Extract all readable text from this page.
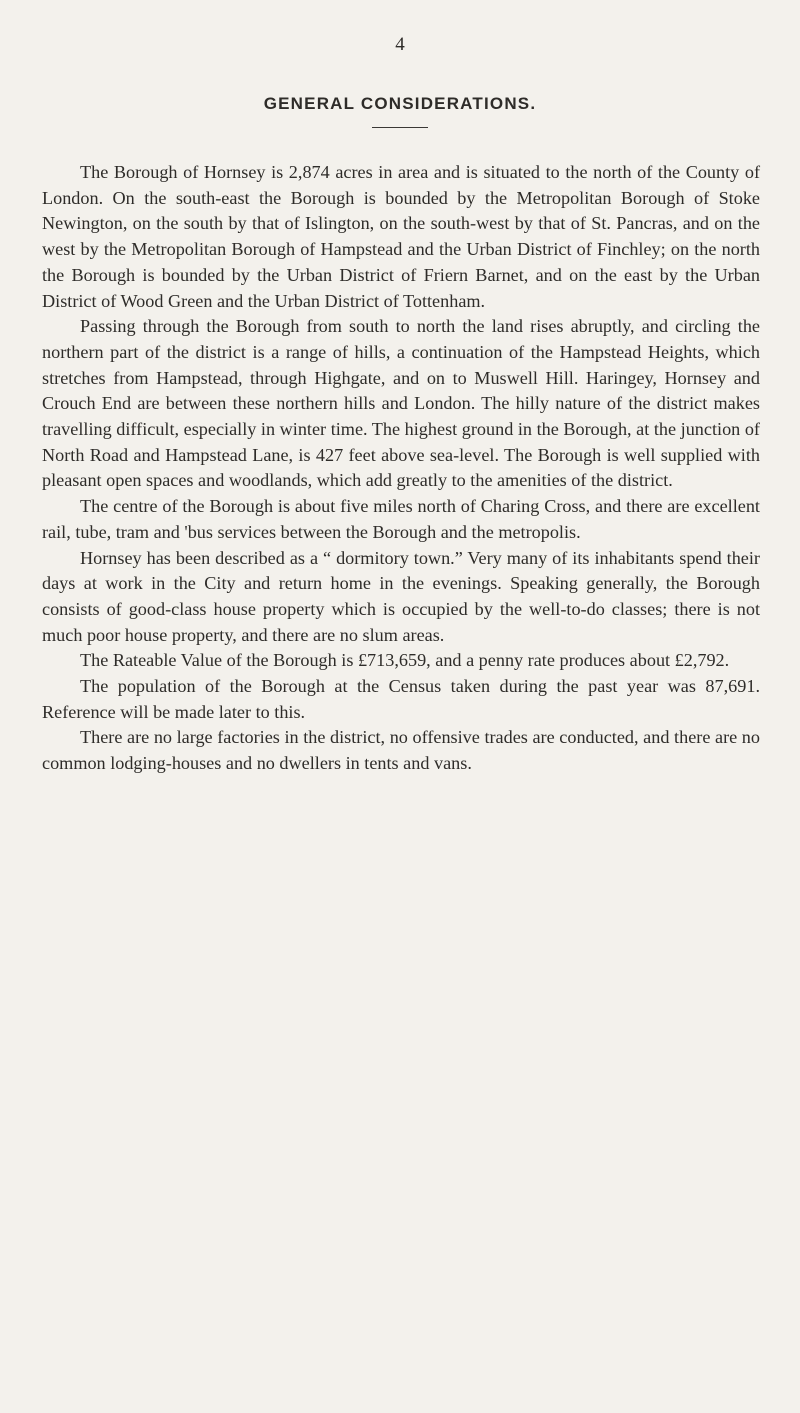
4
GENERAL CONSIDERATIONS.

The Borough of Hornsey is 2,874 acres in area and is situated to the north of the County of London. On the south-east the Borough is bounded by the Metropolitan Borough of Stoke Newington, on the south by that of Islington, on the south-west by that of St. Pancras, and on the west by the Metropolitan Borough of Hampstead and the Urban District of Finchley; on the north the Borough is bounded by the Urban District of Friern Barnet, and on the east by the Urban District of Wood Green and the Urban District of Tottenham.

Passing through the Borough from south to north the land rises abruptly, and circling the northern part of the district is a range of hills, a continuation of the Hampstead Heights, which stretches from Hampstead, through Highgate, and on to Muswell Hill. Haringey, Hornsey and Crouch End are between these northern hills and London. The hilly nature of the district makes travelling difficult, especially in winter time. The highest ground in the Borough, at the junction of North Road and Hampstead Lane, is 427 feet above sea-level. The Borough is well supplied with pleasant open spaces and woodlands, which add greatly to the amenities of the district.

The centre of the Borough is about five miles north of Charing Cross, and there are excellent rail, tube, tram and 'bus services between the Borough and the metropolis.

Hornsey has been described as a “ dormitory town.” Very many of its inhabitants spend their days at work in the City and return home in the evenings. Speaking generally, the Borough consists of good-class house property which is occupied by the well-to-do classes; there is not much poor house property, and there are no slum areas.

The Rateable Value of the Borough is £713,659, and a penny rate produces about £2,792.

The population of the Borough at the Census taken during the past year was 87,691. Reference will be made later to this.

There are no large factories in the district, no offensive trades are conducted, and there are no common lodging-houses and no dwellers in tents and vans.
